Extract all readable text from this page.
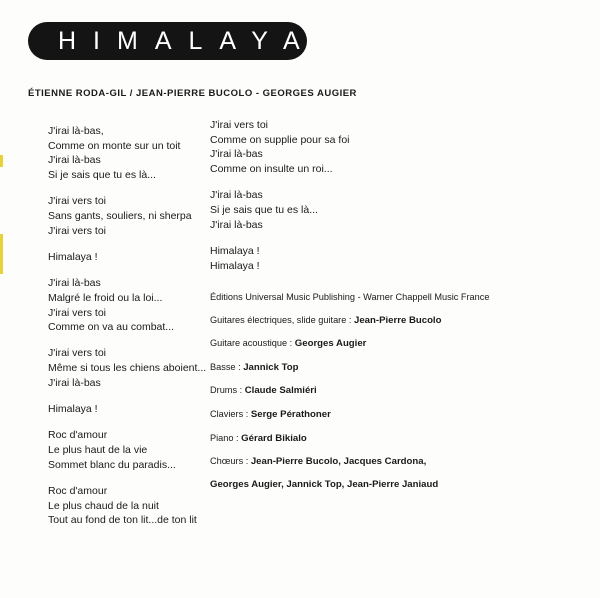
HIMALAYA
ÉTIENNE RODA-GIL / JEAN-PIERRE BUCOLO - GEORGES AUGIER
J'irai là-bas,
Comme on monte sur un toit
J'irai là-bas
Si je sais que tu es là...
J'irai vers toi
Sans gants, souliers, ni sherpa
J'irai vers toi
Himalaya !
J'irai là-bas
Malgré le froid ou la loi...
J'irai vers toi
Comme on va au combat...
J'irai vers toi
Même si tous les chiens aboient...
J'irai là-bas
Himalaya !
Roc d'amour
Le plus haut de la vie
Sommet blanc du paradis...
Roc d'amour
Le plus chaud de la nuit
Tout au fond de ton lit...de ton lit
J'irai vers toi
Comme on supplie pour sa foi
J'irai là-bas
Comme on insulte un roi...
J'irai là-bas
Si je sais que tu es là...
J'irai là-bas
Himalaya !
Himalaya !
Éditions Universal Music Publishing - Warner Chappell Music France
Guitares électriques, slide guitare : Jean-Pierre Bucolo
Guitare acoustique : Georges Augier
Basse : Jannick Top
Drums : Claude Salmiéri
Claviers : Serge Pérathoner
Piano : Gérard Bikialo
Chœurs : Jean-Pierre Bucolo, Jacques Cardona,
Georges Augier, Jannick Top, Jean-Pierre Janiaud
